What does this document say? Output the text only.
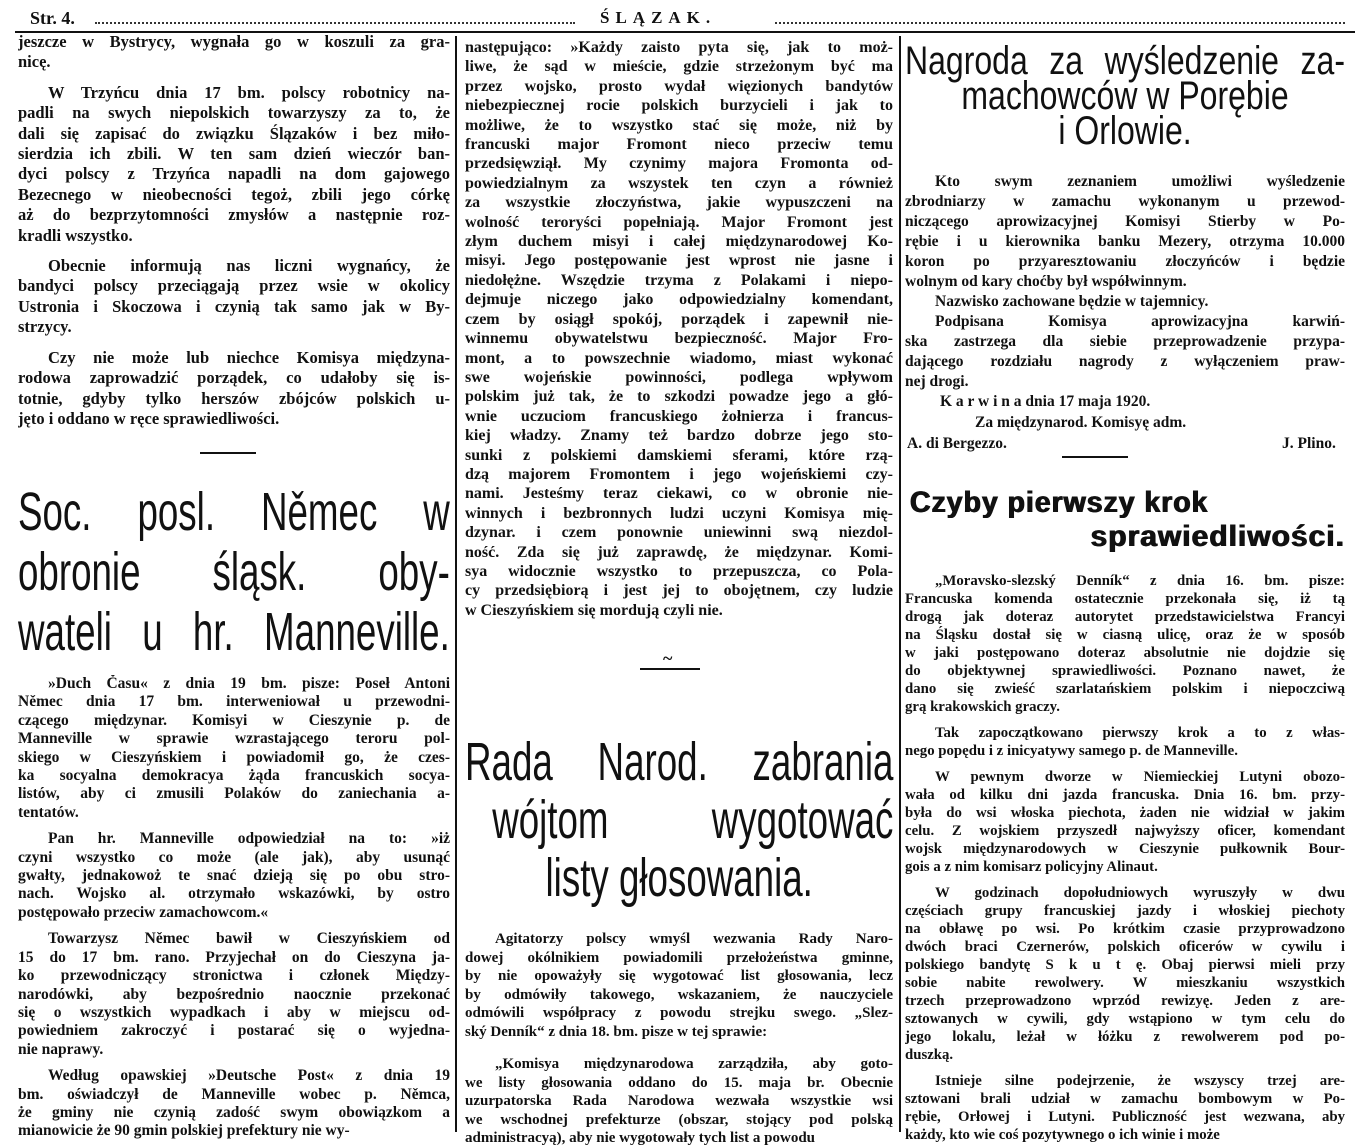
Str. 4.	ŚLĄZAK.
jeszcze w Bystrycy, wygnała go w koszuli za gra-
nicę.
W Trzyńcu dnia 17 bm. polscy robotnicy na-
padli na swych niepolskich towarzyszy za to, że
dali się zapisać do związku Ślązaków i bez miło-
sierdzia ich zbili. W ten sam dzień wieczór ban-
dyci polscy z Trzyńca napadli na dom gajowego
Bezecnego w nieobecności tegoż, zbili jego córkę
aż do bezprzytomności zmysłów a następnie roz-
kradli wszystko.
Obecnie informują nas liczni wygnańcy, że
bandyci polscy przeciągają przez wsie w okolicy
Ustronia i Skoczowa i czynią tak samo jak w By-
strzycy.
Czy nie może lub niechce Komisya międzyna-
rodowa zaprowadzić porządek, co udałoby się is-
totnie, gdyby tylko herszów zbójców polskich u-
jęto i oddano w ręce sprawiedliwości.
Soc. posl. Němec w
obronie śląsk. oby-
wateli u hr. Manneville.
»Duch Času« z dnia 19 bm. pisze: Poseł Antoni
Němec dnia 17 bm. interweniował u przewodni-
czącego międzynar. Komisyi w Cieszynie p. de
Manneville w sprawie wzrastającego teroru pol-
skiego w Cieszyńskiem i powiadomił go, że czes-
ka socyalna demokracya żąda francuskich socya-
listów, aby ci zmusili Polaków do zaniechania a-
tentatów.
Pan hr. Manneville odpowiedział na to: »iż
czyni wszystko co może (ale jak), aby usunąć
gwałty, jednakowoż te snać dzieją się po obu stro-
nach. Wojsko al. otrzymało wskazówki, by ostro
postępowało przeciw zamachowcom.«
Towarzysz Němec bawił w Cieszyńskiem od
15 do 17 bm. rano. Przyjechał on do Cieszyna ja-
ko przewodniczący stronictwa i członek Między-
narodówki, aby bezpośrednio naocznie przekonać
się o wszystkich wypadkach i aby w miejscu od-
powiedniem zakroczyć i postarać się o wyjedna-
nie naprawy.
Według opawskiej »Deutsche Post« z dnia 19
bm. oświadczył de Manneville wobec p. Němca,
że gminy nie czynią zadość swym obowiązkom a
mianowicie że 90 gmin polskiej prefektury nie wy-
następująco: »Każdy zaisto pyta się, jak to moż-
liwe, że sąd w mieście, gdzie strzeżonym być ma
przez wojsko, prosto wydał więzionych bandytów
niebezpiecznej rocie polskich burzycieli i jak to
możliwe, że to wszystko stać się może, niż by
francuski major Fromont nieco przeciw temu
przedsięwziął. My czynimy majora Fromonta od-
powiedzialnym za wszystek ten czyn a również
za wszystkie złoczyństwa, jakie wypuszczeni na
wolność teroryści popełniają. Major Fromont jest
złym duchem misyi i całej międzynarodowej Ko-
misyi. Jego postępowanie jest wprost nie jasne i
niedołężne. Wszędzie trzyma z Polakami i niepo-
dejmuje niczego jako odpowiedzialny komendant,
czem by osiągł spokój, porządek i zapewnił nie-
winnemu obywatelstwu bezpieczność. Major Fro-
mont, a to powszechnie wiadomo, miast wykonać
swe wojeńskie powinności, podlega wpływom
polskim już tak, że to szkodzi powadze jego a głó-
wnie uczuciom francuskiego żołnierza i francus-
kiej władzy. Znamy też bardzo dobrze jego sto-
sunki z polskiemi damskiemi sferami, które rzą-
dzą majorem Fromontem i jego wojeńskiemi czy-
nami. Jesteśmy teraz ciekawi, co w obronie nie-
winnych i bezbronnych ludzi uczyni Komisya mię-
dzynar. i czem ponownie uniewinni swą niezdol-
ność. Zda się już zaprawdę, że międzynar. Komi-
sya widocznie wszystko to przepuszcza, co Pola-
cy przedsiębiorą i jest jej to obojętnem, czy ludzie
w Cieszyńskiem się mordują czyli nie.
~
Rada Narod. zabrania
wójtom wygotować
listy głosowania.
Agitatorzy polscy wmyśl wezwania Rady Naro-
dowej okólnikiem powiadomili przełożeństwa gminne,
by nie opoważyły się wygotować list głosowania, lecz
by odmówiły takowego, wskazaniem, że nauczyciele
odmówili współpracy z powodu strejku swego. „Slez-
ský Denník“ z dnia 18. bm. pisze w tej sprawie:
„Komisya międzynarodowa zarządziła, aby goto-
we listy głosowania oddano do 15. maja br. Obecnie
uzurpatorska Rada Narodowa wezwała wszystkie wsi
we wschodnej prefekturze (obszar, stojący pod polską
administracyą), aby nie wygotowały tych list a powodu
Nagroda za wyśledzenie za-
machowców w Porębie
i Orlowie.
Kto swym zeznaniem umożliwi wyśledzenie
zbrodniarzy w zamachu wykonanym u przewod-
niczącego aprowizacyjnej Komisyi Stierby w Po-
rębie i u kierownika banku Mezery, otrzyma 10.000
koron po przyaresztowaniu złoczyńców i będzie
wolnym od kary choćby był współwinnym.
Nazwisko zachowane będzie w tajemnicy.
Podpisana Komisya aprowizacyjna karwiń-
ska zastrzega dla siebie przeprowadzenie przypa-
dającego rozdziału nagrody z wyłączeniem praw-
nej drogi.
K a r w i n a dnia 17 maja 1920.
Za międzynarod. Komisyę adm.
A. di Bergezzo.	J. Plino.
Czyby pierwszy krok
sprawiedliwości.
„Moravsko-slezský Denník“ z dnia 16. bm. pisze:
Francuska komenda ostatecznie przekonała się, iż tą
drogą jak doteraz autorytet przedstawicielstwa Francyi
na Śląsku dostał się w ciasną ulicę, oraz że w sposób
w jaki postępowano doteraz absolutnie nie dojdzie się
do objektywnej sprawiedliwości. Poznano nawet, że
dano się zwieść szarlatańskiem polskim i niepoczciwą
grą krakowskich graczy.
Tak zapoczątkowano pierwszy krok a to z włas-
nego popędu i z inicyatywy samego p. de Manneville.
W pewnym dworze w Niemieckiej Lutyni obozo-
wała od kilku dni jazda francuska. Dnia 16. bm. przy-
była do wsi włoska piechota, żaden nie widział w jakim
celu. Z wojskiem przyszedł najwyższy oficer, komendant
wojsk międzynarodowych w Cieszynie pułkownik Bour-
gois a z nim komisarz policyjny Alinaut.
W godzinach dopołudniowych wyruszyły w dwu
częściach grupy francuskiej jazdy i włoskiej piechoty
na obławę po wsi. Po krótkim czasie przyprowadzono
dwóch braci Czernerów, polskich oficerów w cywilu i
polskiego bandytę S k u t ę. Obaj pierwsi mieli przy
sobie nabite rewolwery. W mieszkaniu wszystkich
trzech przeprowadzono wprzód rewizyę. Jeden z are-
sztowanych w cywili, gdy wstąpiono w tym celu do
jego lokalu, leżał w łóżku z rewolwerem pod po-
duszką.
Istnieje silne podejrzenie, że wszyscy trzej are-
sztowani brali udział w zamachu bombowym w Po-
rębie, Orłowej i Lutyni. Publiczność jest wezwana, aby
każdy, kto wie coś pozytywnego o ich winie i może
